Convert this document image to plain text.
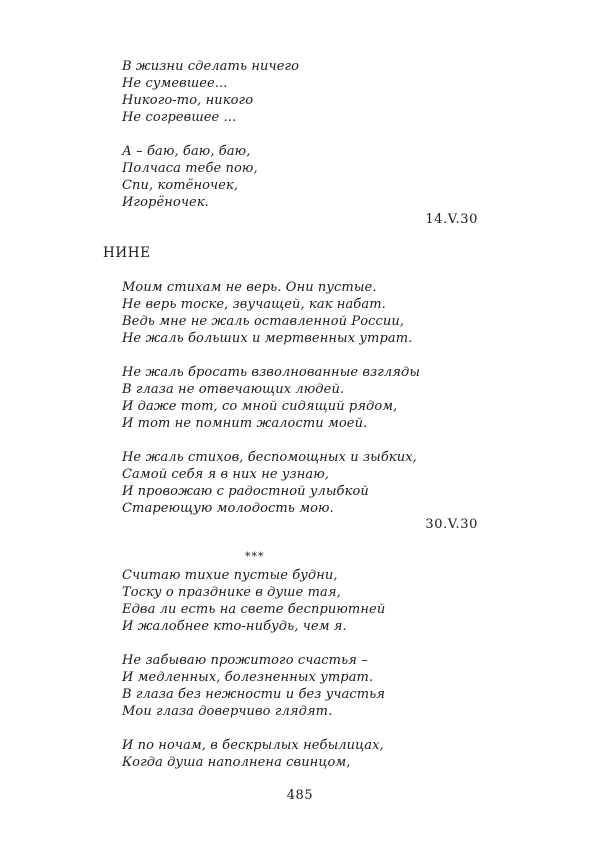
В жизни сделать ничего
Не сумевшее...
Никого-то, никого
Не согревшее ...
А – баю, баю, баю,
Полчаса тебе пою,
Спи, котёночек,
Игорёночек.
14.V.30
НИНЕ
Моим стихам не верь. Они пустые.
Не верь тоске, звучащей, как набат.
Ведь мне не жаль оставленной России,
Не жаль больших и мертвенных утрат.
Не жаль бросать взволнованные взгляды
В глаза не отвечающих людей.
И даже тот, со мной сидящий рядом,
И тот не помнит жалости моей.
Не жаль стихов, беспомощных и зыбких,
Самой себя я в них не узнаю,
И провожаю с радостной улыбкой
Стареющую молодость мою.
30.V.30
***
Считаю тихие пустые будни,
Тоску о празднике в душе тая,
Едва ли есть на свете бесприютней
И жалобнее кто-нибудь, чем я.
Не забываю прожитого счастья –
И медленных, болезненных утрат.
В глаза без нежности и без участья
Мои глаза доверчиво глядят.
И по ночам, в бескрылых небылицах,
Когда душа наполнена свинцом,
485
